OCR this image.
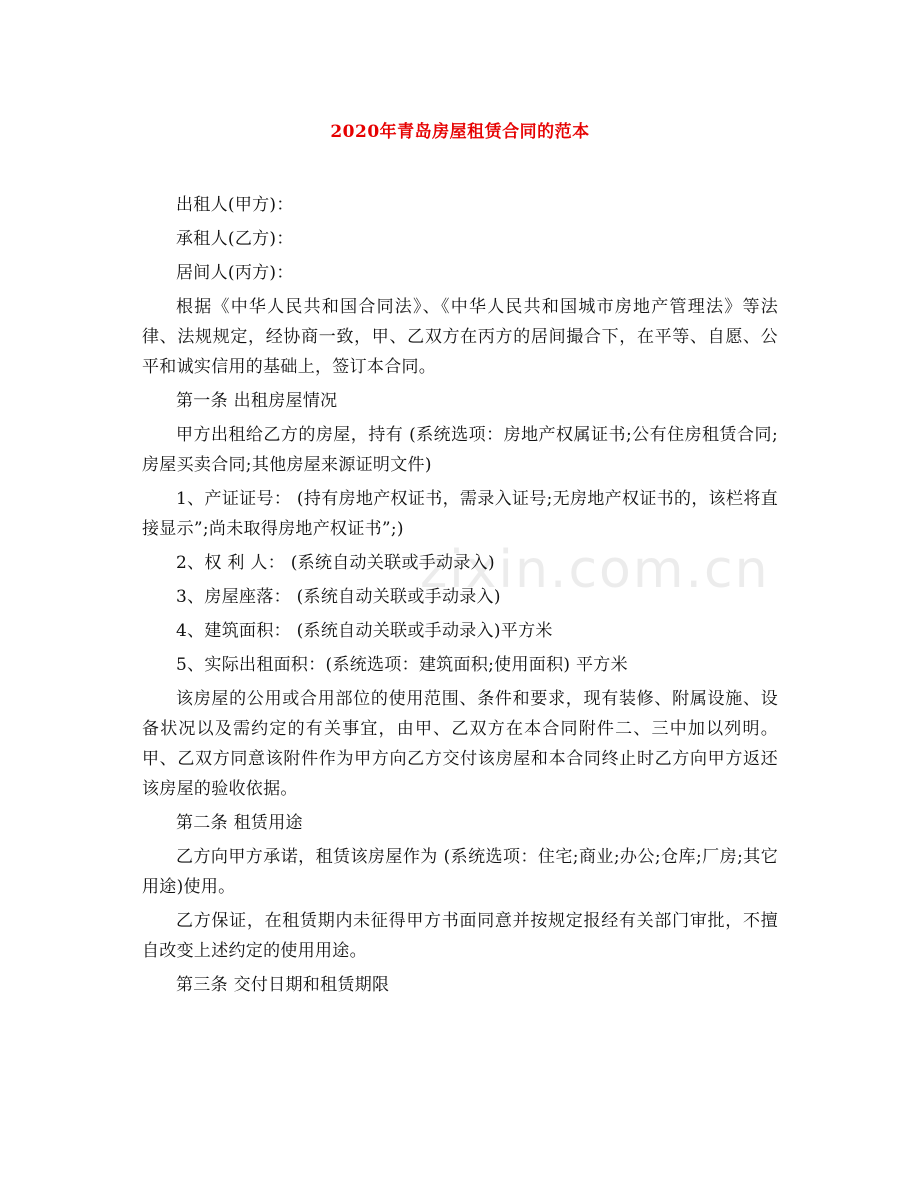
zixin.com.cn
2020年青岛房屋租赁合同的范本

出租人(甲方)：

承租人(乙方)：

居间人(丙方)：

根据《中华人民共和国合同法》、《中华人民共和国城市房地产管理法》等法律、法规规定，经协商一致，甲、乙双方在丙方的居间撮合下，在平等、自愿、公平和诚实信用的基础上，签订本合同。

第一条 出租房屋情况

甲方出租给乙方的房屋，持有 (系统选项：房地产权属证书;公有住房租赁合同;房屋买卖合同;其他房屋来源证明文件)

1、产证证号： (持有房地产权证书，需录入证号;无房地产权证书的，该栏将直接显示”;尚未取得房地产权证书”;)

2、权 利 人： (系统自动关联或手动录入)

3、房屋座落： (系统自动关联或手动录入)

4、建筑面积： (系统自动关联或手动录入)平方米

5、实际出租面积：(系统选项：建筑面积;使用面积) 平方米

该房屋的公用或合用部位的使用范围、条件和要求，现有装修、附属设施、设备状况以及需约定的有关事宜，由甲、乙双方在本合同附件二、三中加以列明。甲、乙双方同意该附件作为甲方向乙方交付该房屋和本合同终止时乙方向甲方返还该房屋的验收依据。

第二条 租赁用途

乙方向甲方承诺，租赁该房屋作为 (系统选项：住宅;商业;办公;仓库;厂房;其它用途)使用。

乙方保证，在租赁期内未征得甲方书面同意并按规定报经有关部门审批，不擅自改变上述约定的使用用途。

第三条 交付日期和租赁期限
